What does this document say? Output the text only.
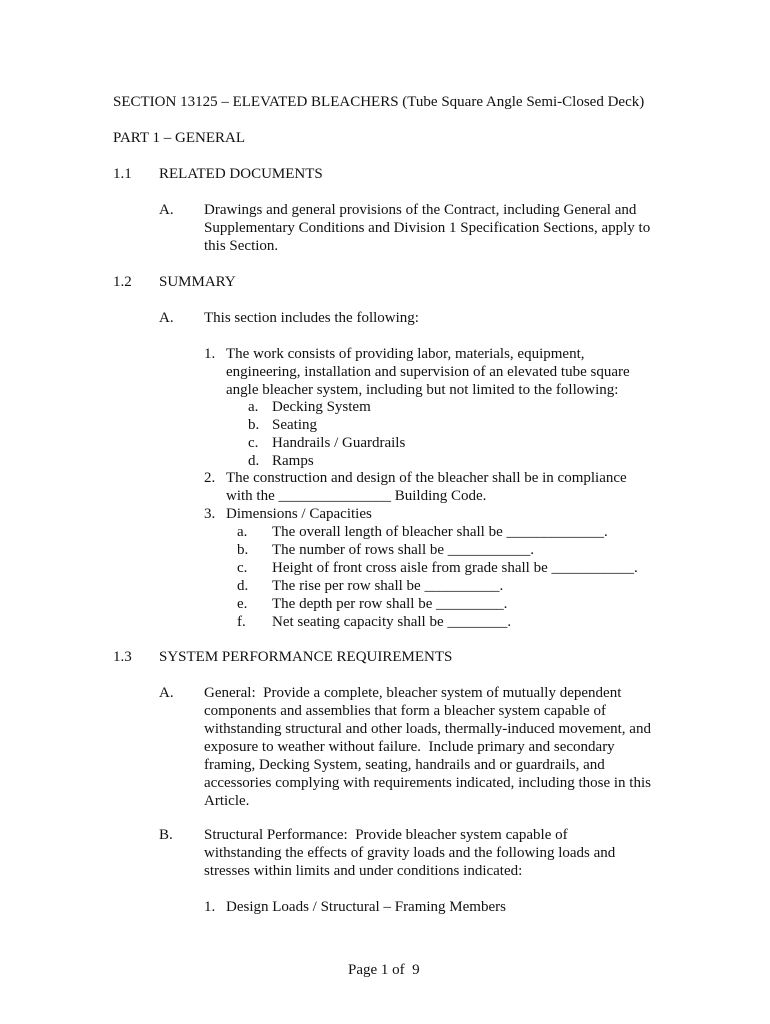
SECTION 13125 – ELEVATED BLEACHERS (Tube Square Angle Semi-Closed Deck)

PART 1 – GENERAL

1.1 RELATED DOCUMENTS

A. Drawings and general provisions of the Contract, including General and

Supplementary Conditions and Division 1 Specification Sections, apply to

this Section.

1.2 SUMMARY

A. This section includes the following:

1. The work consists of providing labor, materials, equipment,

engineering, installation and supervision of an elevated tube square

angle bleacher system, including but not limited to the following:

a. Decking System

b. Seating

c. Handrails / Guardrails

d. Ramps

2. The construction and design of the bleacher shall be in compliance

with the _______________ Building Code.

3. Dimensions / Capacities

a. The overall length of bleacher shall be _____________.

b. The number of rows shall be ___________.

c. Height of front cross aisle from grade shall be ___________.

d. The rise per row shall be __________.

e. The depth per row shall be _________.

f. Net seating capacity shall be ________.

1.3 SYSTEM PERFORMANCE REQUIREMENTS

A. General:  Provide a complete, bleacher system of mutually dependent

components and assemblies that form a bleacher system capable of

withstanding structural and other loads, thermally-induced movement, and

exposure to weather without failure.  Include primary and secondary

framing, Decking System, seating, handrails and or guardrails, and

accessories complying with requirements indicated, including those in this

Article.

B. Structural Performance:  Provide bleacher system capable of

withstanding the effects of gravity loads and the following loads and

stresses within limits and under conditions indicated:

1. Design Loads / Structural – Framing Members

Page 1 of  9
